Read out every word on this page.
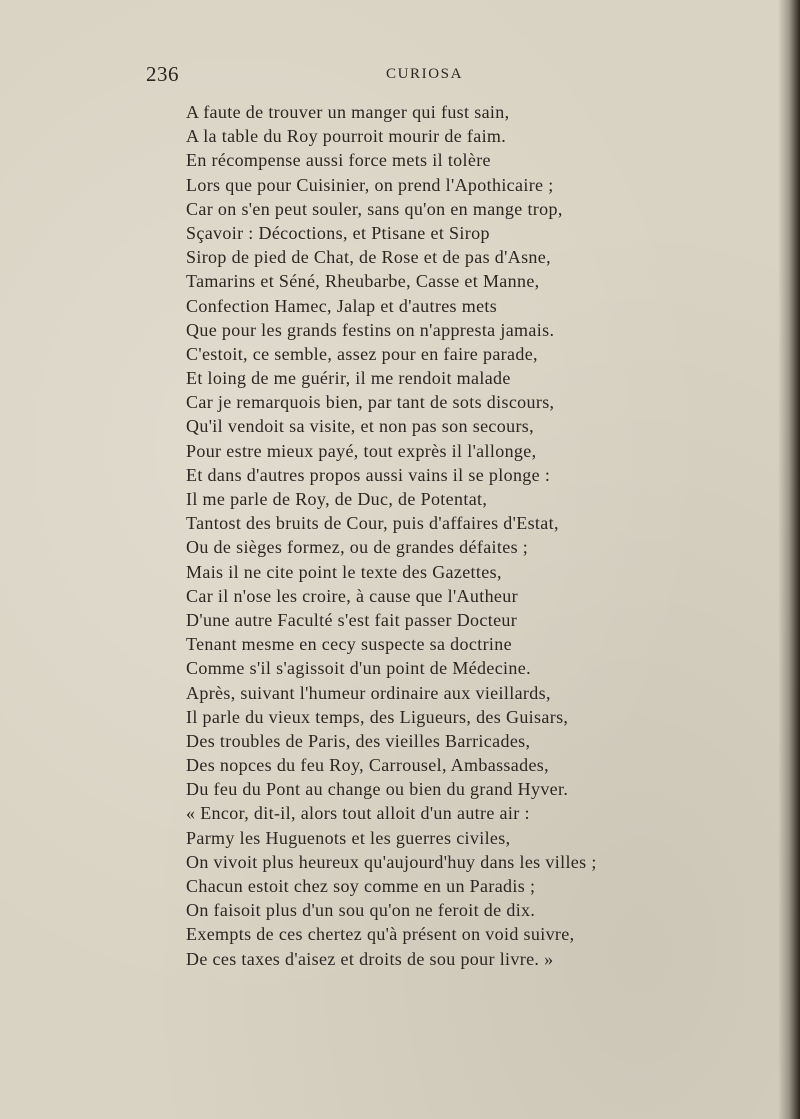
236	CURIOSA
A faute de trouver un manger qui fust sain,
A la table du Roy pourroit mourir de faim.
En récompense aussi force mets il tolère
Lors que pour Cuisinier, on prend l'Apothicaire ;
Car on s'en peut souler, sans qu'on en mange trop,
Sçavoir : Décoctions, et Ptisane et Sirop
Sirop de pied de Chat, de Rose et de pas d'Asne,
Tamarins et Séné, Rheubarbe, Casse et Manne,
Confection Hamec, Jalap et d'autres mets
Que pour les grands festins on n'appresta jamais.
C'estoit, ce semble, assez pour en faire parade,
Et loing de me guérir, il me rendoit malade
Car je remarquois bien, par tant de sots discours,
Qu'il vendoit sa visite, et non pas son secours,
Pour estre mieux payé, tout exprès il l'allonge,
Et dans d'autres propos aussi vains il se plonge :
Il me parle de Roy, de Duc, de Potentat,
Tantost des bruits de Cour, puis d'affaires d'Estat,
Ou de sièges formez, ou de grandes défaites ;
Mais il ne cite point le texte des Gazettes,
Car il n'ose les croire, à cause que l'Autheur
D'une autre Faculté s'est fait passer Docteur
Tenant mesme en cecy suspecte sa doctrine
Comme s'il s'agissoit d'un point de Médecine.
Après, suivant l'humeur ordinaire aux vieillards,
Il parle du vieux temps, des Ligueurs, des Guisars,
Des troubles de Paris, des vieilles Barricades,
Des nopces du feu Roy, Carrousel, Ambassades,
Du feu du Pont au change ou bien du grand Hyver.
« Encor, dit-il, alors tout alloit d'un autre air :
Parmy les Huguenots et les guerres civiles,
On vivoit plus heureux qu'aujourd'huy dans les villes ;
Chacun estoit chez soy comme en un Paradis ;
On faisoit plus d'un sou qu'on ne feroit de dix.
Exempts de ces chertez qu'à présent on void suivre,
De ces taxes d'aisez et droits de sou pour livre. »
